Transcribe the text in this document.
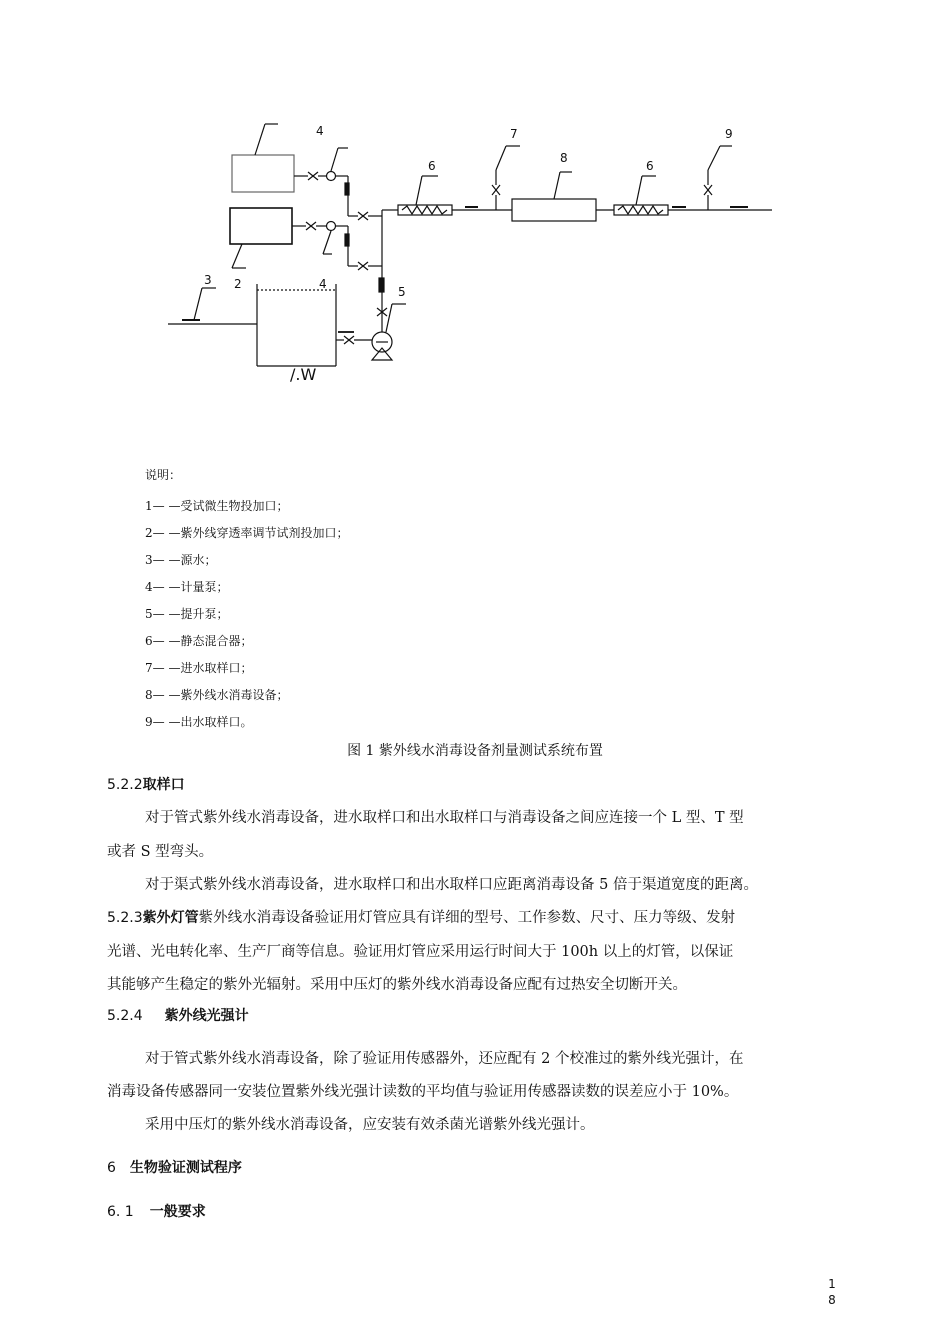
4	7
8
9
6	6
2	4
3
5
/.W
说明：
1— —受试微生物投加口；
2— —紫外线穿透率调节试剂投加口；
3— —源水；
4— —计量泵；
5— —提升泵；
6— —静态混合器；
7— —进水取样口；
8— —紫外线水消毒设备；
9— —出水取样口。
图 1 紫外线水消毒设备剂量测试系统布置
5.2.2取样口
对于管式紫外线水消毒设备，进水取样口和出水取样口与消毒设备之间应连接一个 L 型、T 型
或者 S 型弯头。
对于渠式紫外线水消毒设备，进水取样口和出水取样口应距离消毒设备 5 倍于渠道宽度的距离。
5.2.3紫外灯管紫外线水消毒设备验证用灯管应具有详细的型号、工作参数、尺寸、压力等级、发射
光谱、光电转化率、生产厂商等信息。验证用灯管应采用运行时间大于 100h 以上的灯管，以保证
其能够产生稳定的紫外光辐射。采用中压灯的紫外线水消毒设备应配有过热安全切断开关。
5.2.4 紫外线光强计
对于管式紫外线水消毒设备，除了验证用传感器外，还应配有 2 个校准过的紫外线光强计，在
消毒设备传感器同一安装位置紫外线光强计读数的平均值与验证用传感器读数的误差应小于 10%。
采用中压灯的紫外线水消毒设备，应安装有效杀菌光谱紫外线光强计。
6 生物验证测试程序
6. 1 一般要求
1
8
